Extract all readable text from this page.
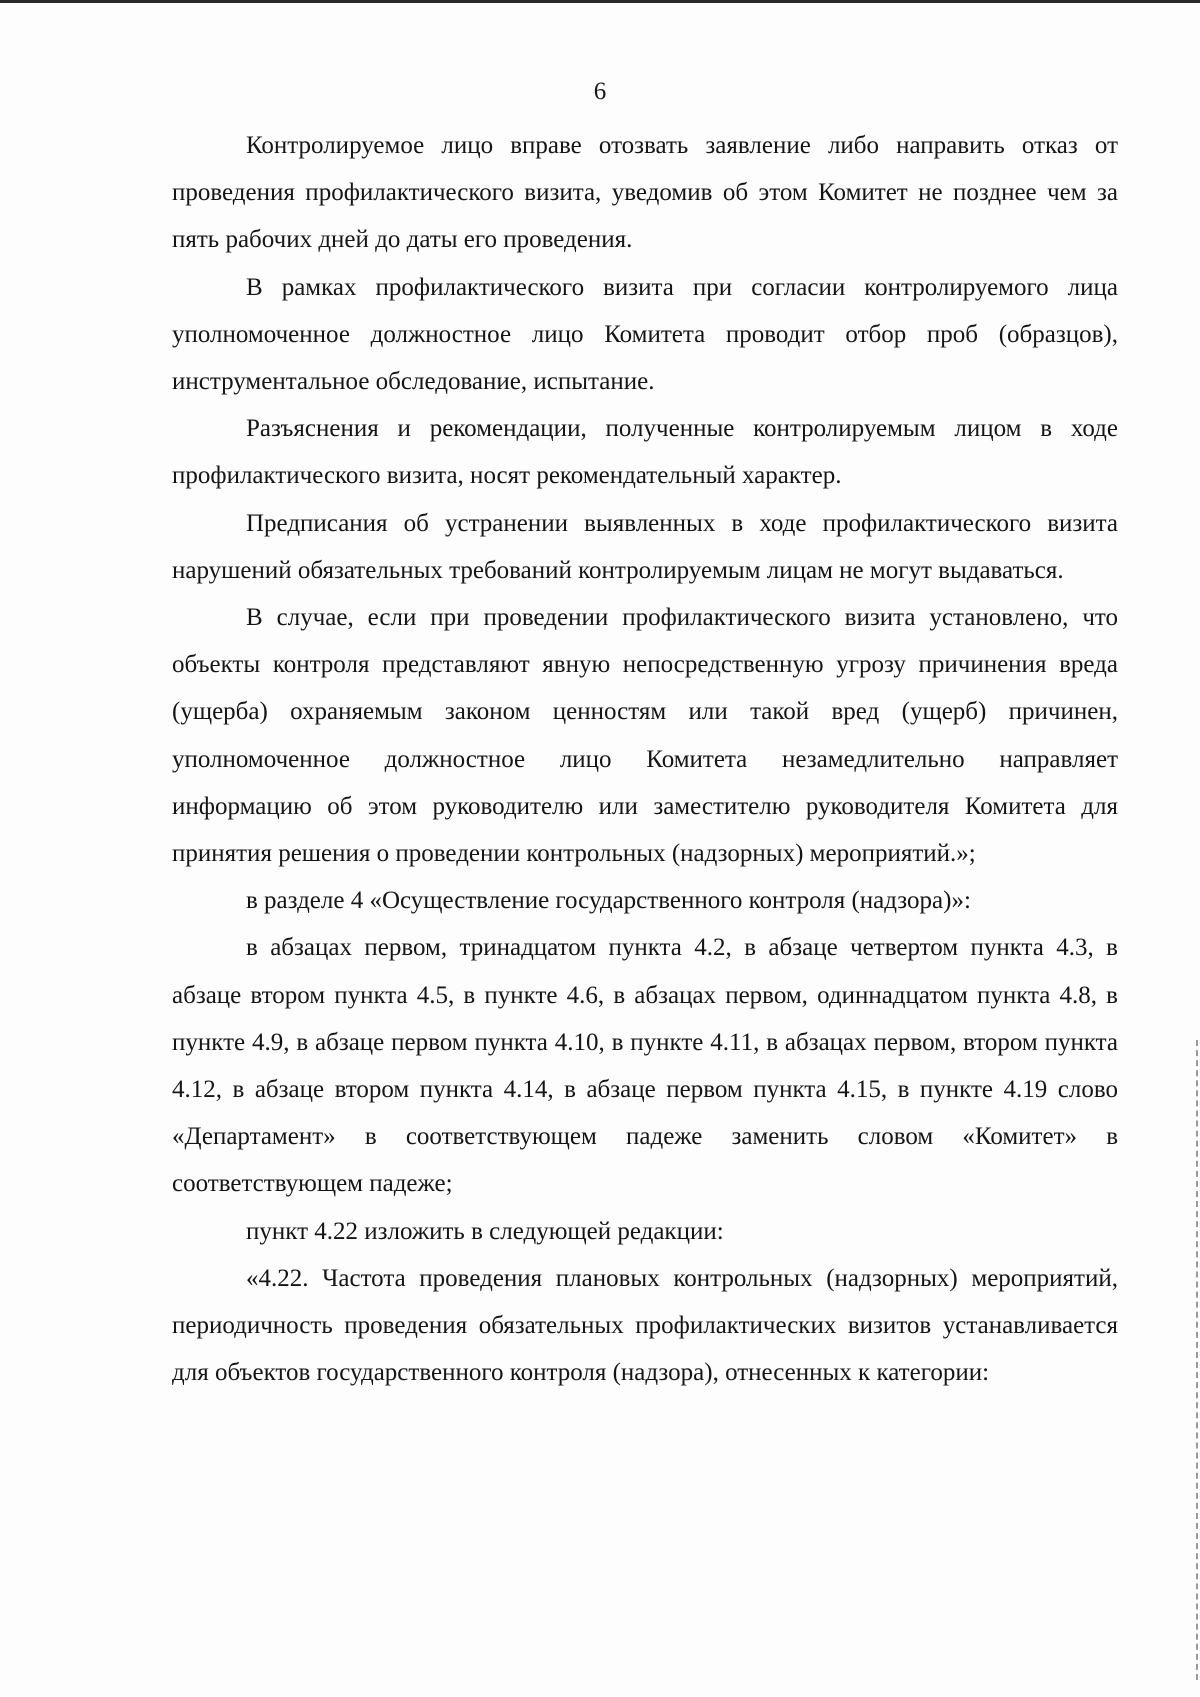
6

Контролируемое лицо вправе отозвать заявление либо направить отказ от проведения профилактического визита, уведомив об этом Комитет не позднее чем за пять рабочих дней до даты его проведения.

В рамках профилактического визита при согласии контролируемого лица уполномоченное должностное лицо Комитета проводит отбор проб (образцов), инструментальное обследование, испытание.

Разъяснения и рекомендации, полученные контролируемым лицом в ходе профилактического визита, носят рекомендательный характер.

Предписания об устранении выявленных в ходе профилактического визита нарушений обязательных требований контролируемым лицам не могут выдаваться.

В случае, если при проведении профилактического визита установлено, что объекты контроля представляют явную непосредственную угрозу причинения вреда (ущерба) охраняемым законом ценностям или такой вред (ущерб) причинен, уполномоченное должностное лицо Комитета незамедлительно направляет информацию об этом руководителю или заместителю руководителя Комитета для принятия решения о проведении контрольных (надзорных) мероприятий.»;

в разделе 4 «Осуществление государственного контроля (надзора)»:

в абзацах первом, тринадцатом пункта 4.2, в абзаце четвертом пункта 4.3, в абзаце втором пункта 4.5, в пункте 4.6, в абзацах первом, одиннадцатом пункта 4.8, в пункте 4.9, в абзаце первом пункта 4.10, в пункте 4.11, в абзацах первом, втором пункта 4.12, в абзаце втором пункта 4.14, в абзаце первом пункта 4.15, в пункте 4.19 слово «Департамент» в соответствующем падеже заменить словом «Комитет» в соответствующем падеже;

пункт 4.22 изложить в следующей редакции:

«4.22. Частота проведения плановых контрольных (надзорных) мероприятий, периодичность проведения обязательных профилактических визитов устанавливается для объектов государственного контроля (надзора), отнесенных к категории:
